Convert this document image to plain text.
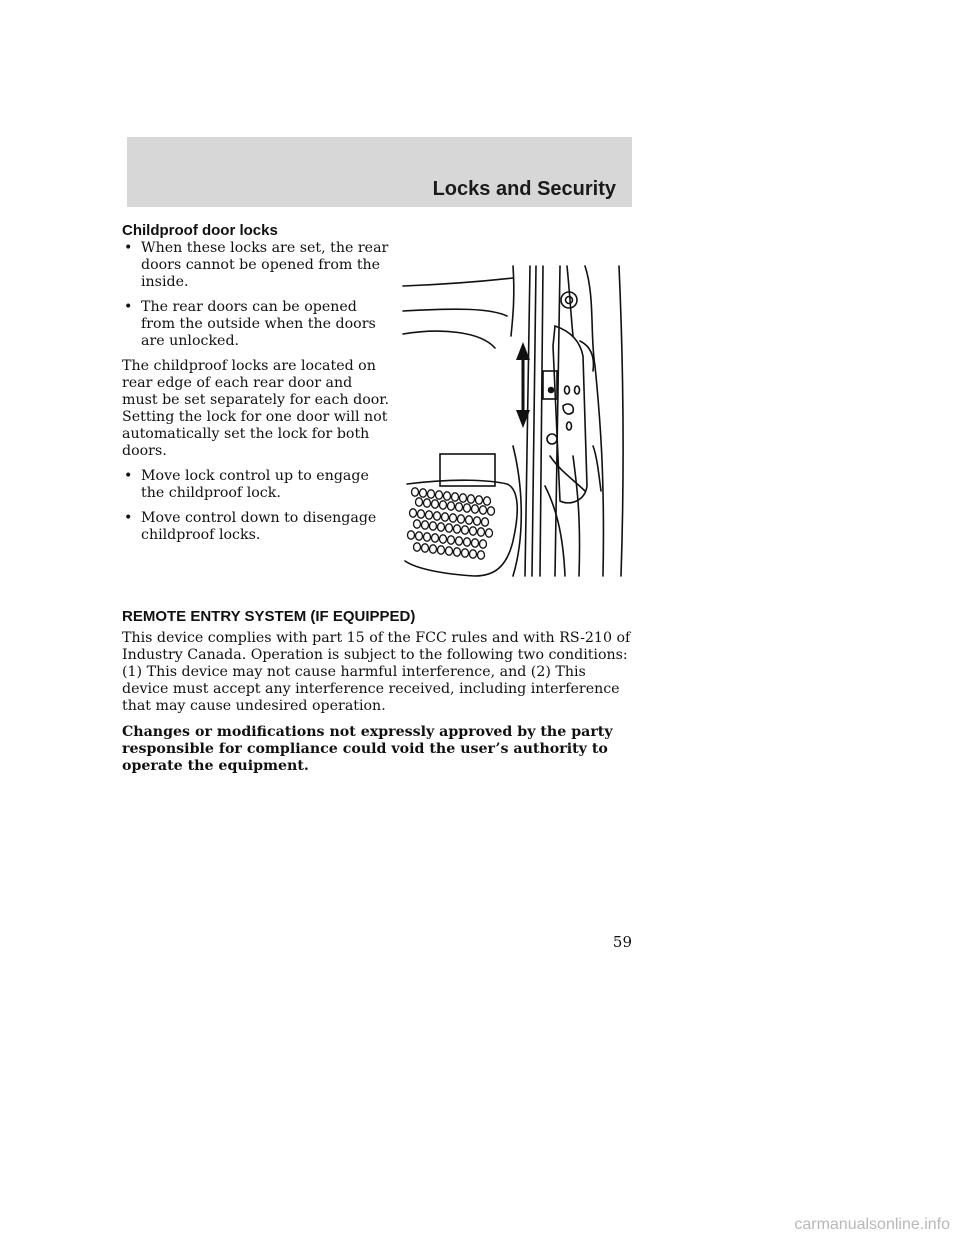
Locks and Security
Childproof door locks
• When these locks are set, the rear doors cannot be opened from the inside.
• The rear doors can be opened from the outside when the doors are unlocked.

The childproof locks are located on rear edge of each rear door and must be set separately for each door. Setting the lock for one door will not automatically set the lock for both doors.

• Move lock control up to engage the childproof lock.
• Move control down to disengage childproof locks.
REMOTE ENTRY SYSTEM (IF EQUIPPED)

This device complies with part 15 of the FCC rules and with RS-210 of Industry Canada. Operation is subject to the following two conditions: (1) This device may not cause harmful interference, and (2) This device must accept any interference received, including interference that may cause undesired operation.

Changes or modifications not expressly approved by the party responsible for compliance could void the user’s authority to operate the equipment.

59
carmanualsonline.info
